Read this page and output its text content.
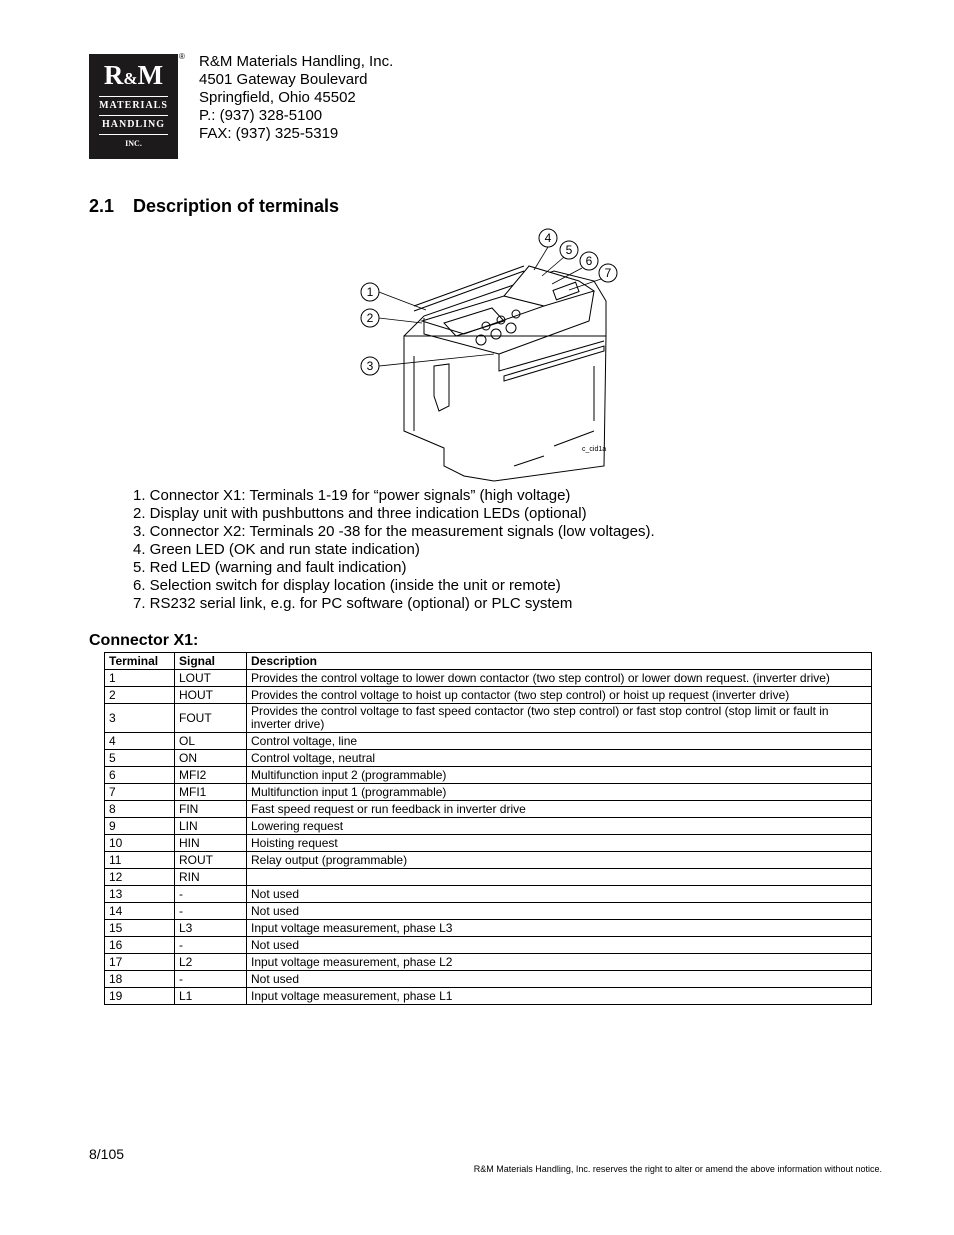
R&M
MATERIALS
HANDLING
INC.
® R&M Materials Handling, Inc.
4501 Gateway Boulevard
Springfield, Ohio 45502
P.: (937) 328-5100
FAX: (937) 325-5319
2.1 Description of terminals
1
2
3
4
5
6
7
c_cid1a
1. Connector X1: Terminals 1-19 for “power signals” (high voltage)
2. Display unit with pushbuttons and three indication LEDs (optional)
3. Connector X2: Terminals 20 -38 for the measurement signals (low voltages).
4. Green LED (OK and run state indication)
5. Red LED (warning and fault indication)
6. Selection switch for display location (inside the unit or remote)
7. RS232 serial link, e.g. for PC software (optional) or PLC system
Connector X1:
Terminal	Signal	Description
1	LOUT	Provides the control voltage to lower down contactor (two step control) or lower down request. (inverter drive)
2	HOUT	Provides the control voltage to hoist up contactor (two step control) or hoist up request (inverter drive)
3	FOUT	Provides the control voltage to fast speed contactor (two step control) or fast stop control (stop limit or fault in inverter drive)
4	OL	Control voltage, line
5	ON	Control voltage, neutral
6	MFI2	Multifunction input 2 (programmable)
7	MFI1	Multifunction input 1 (programmable)
8	FIN	Fast speed request or run feedback in inverter drive
9	LIN	Lowering request
10	HIN	Hoisting request
11	ROUT	Relay output (programmable)
12	RIN	
13	-	Not used
14	-	Not used
15	L3	Input voltage measurement, phase L3
16	-	Not used
17	L2	Input voltage measurement, phase L2
18	-	Not used
19	L1	Input voltage measurement, phase L1
8/105
R&M Materials Handling, Inc. reserves the right to alter or amend the above information without notice.
